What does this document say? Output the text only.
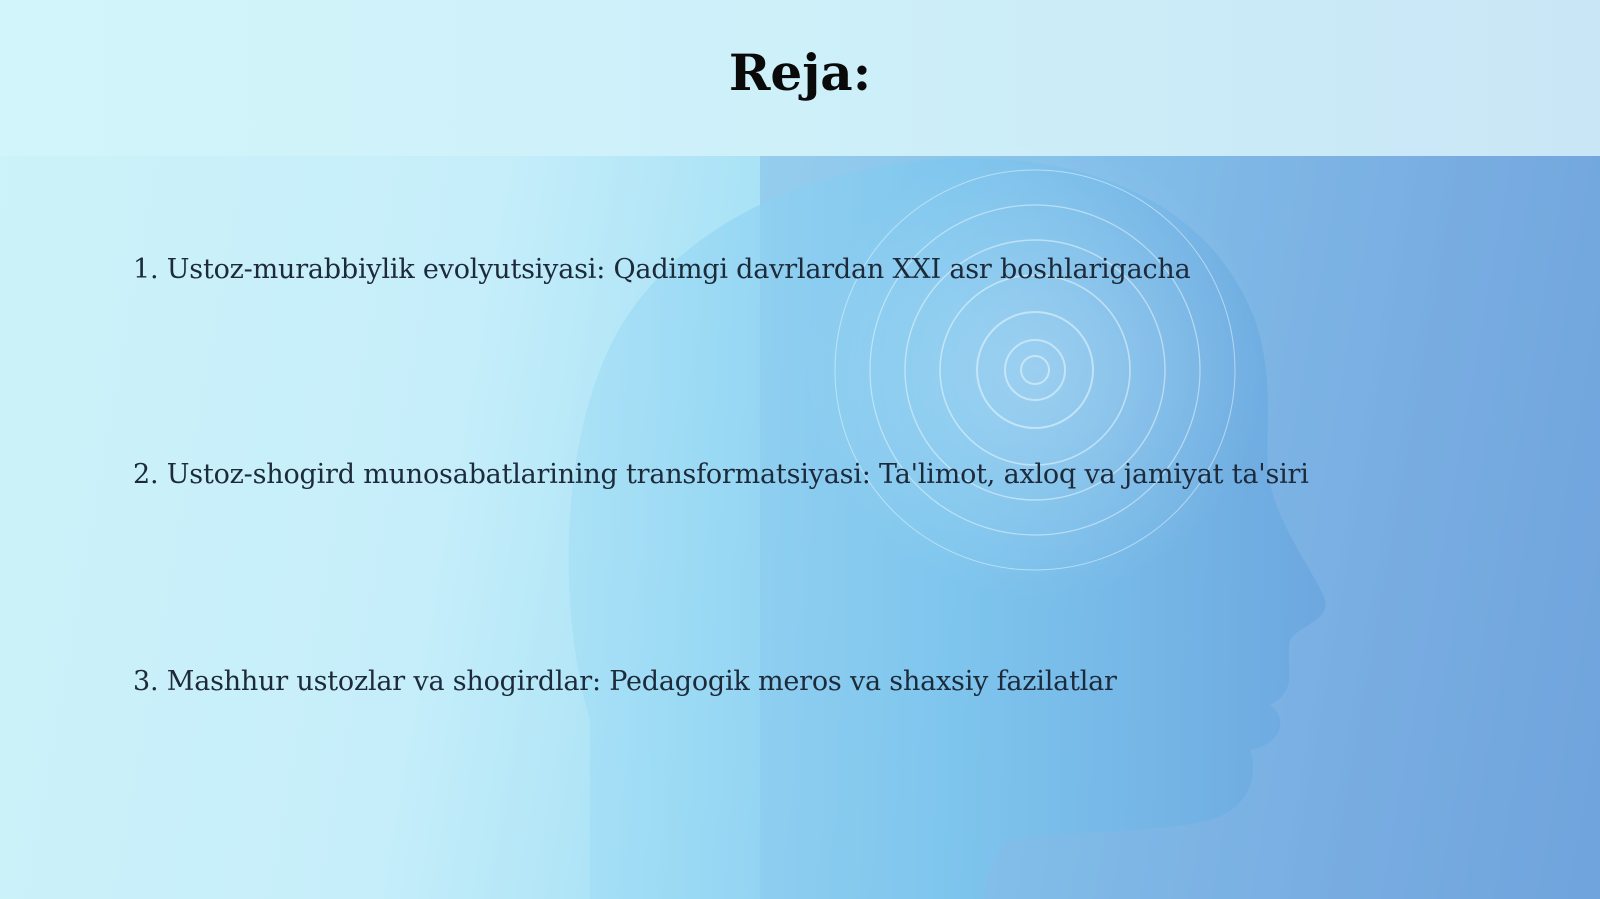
Reja:
1. Ustoz-murabbiylik evolyutsiyasi: Qadimgi davrlardan XXI asr boshlarigacha
2. Ustoz-shogird munosabatlarining transformatsiyasi: Ta'limot, axloq va jamiyat ta'siri
3. Mashhur ustozlar va shogirdlar: Pedagogik meros va shaxsiy fazilatlar
